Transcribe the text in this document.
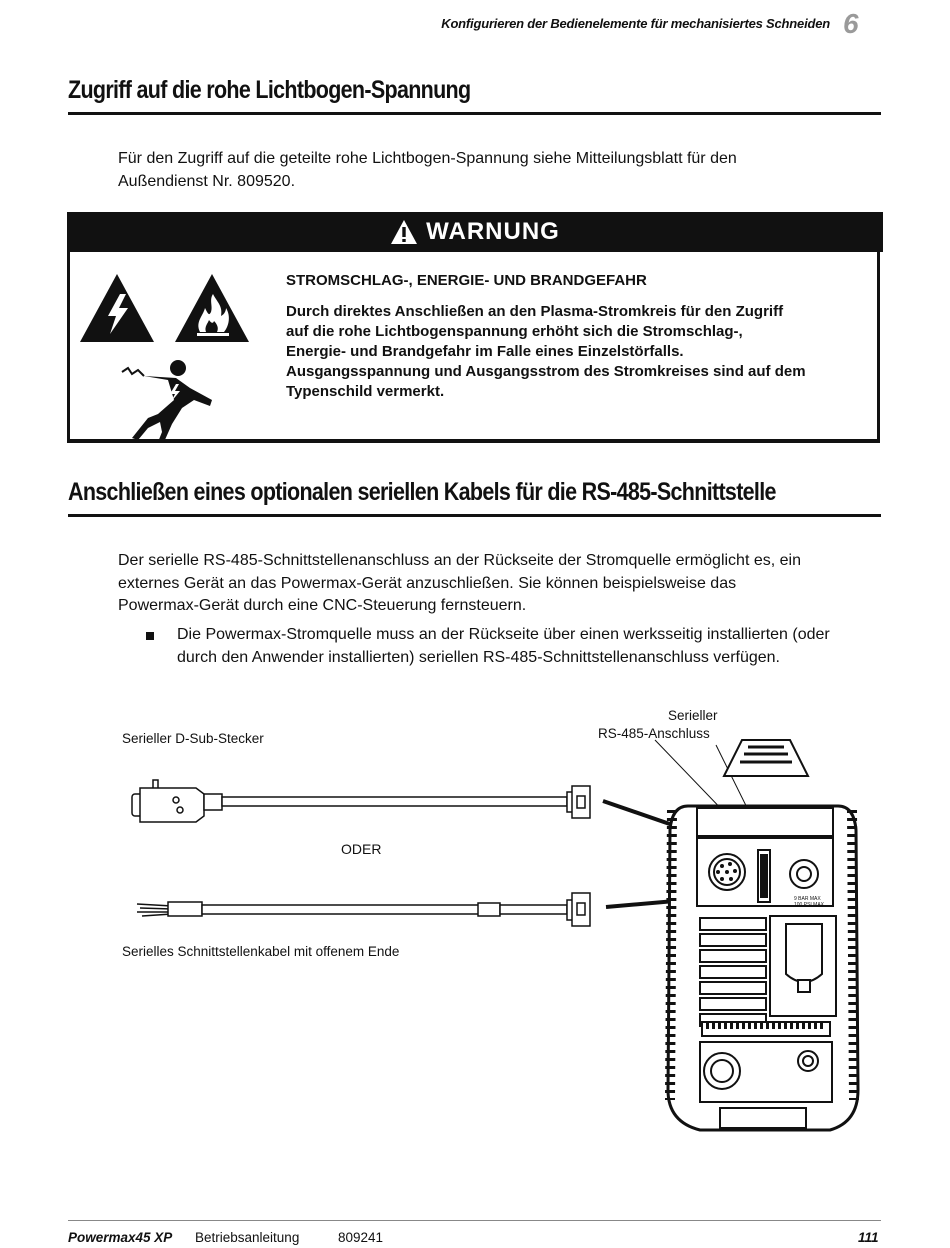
Konfigurieren der Bedienelemente für mechanisiertes Schneiden 6
Zugriff auf die rohe Lichtbogen-Spannung
Für den Zugriff auf die geteilte rohe Lichtbogen-Spannung siehe Mitteilungsblatt für den
Außendienst Nr. 809520.
WARNUNG
STROMSCHLAG-, ENERGIE- UND BRANDGEFAHR
Durch direktes Anschließen an den Plasma-Stromkreis für den Zugriff
auf die rohe Lichtbogenspannung erhöht sich die Stromschlag-,
Energie- und Brandgefahr im Falle eines Einzelstörfalls.
Ausgangsspannung und Ausgangsstrom des Stromkreises sind auf dem
Typenschild vermerkt.
Anschließen eines optionalen seriellen Kabels für die RS-485-Schnittstelle
Der serielle RS-485-Schnittstellenanschluss an der Rückseite der Stromquelle ermöglicht es, ein
externes Gerät an das Powermax-Gerät anzuschließen. Sie können beispielsweise das
Powermax-Gerät durch eine CNC-Steuerung fernsteuern.
Die Powermax-Stromquelle muss an der Rückseite über einen werksseitig installierten (oder
durch den Anwender installierten) seriellen RS-485-Schnittstellenanschluss verfügen.
Serieller D-Sub-Stecker
Serieller
RS-485-Anschluss
ODER
Serielles Schnittstellenkabel mit offenem Ende
9 BAR MAX
100 PSI MAX
Powermax45 XP Betriebsanleitung	809241	111
